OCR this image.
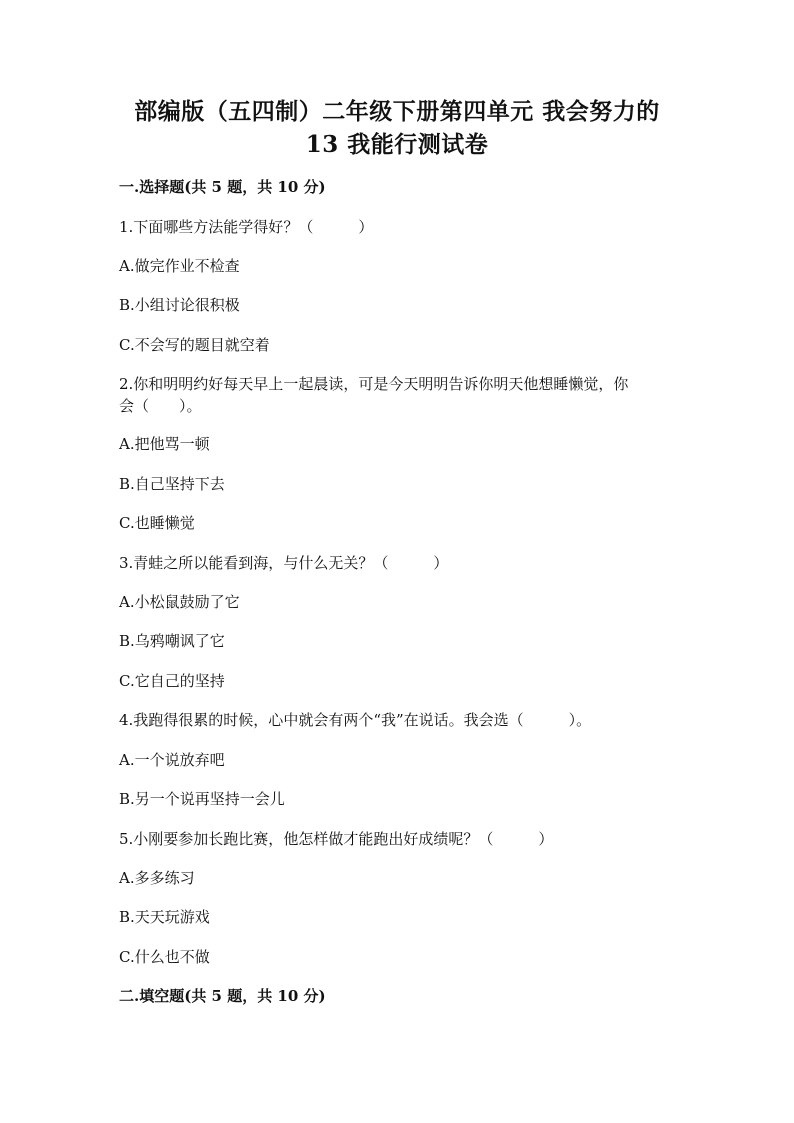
部编版（五四制）二年级下册第四单元 我会努力的
13 我能行测试卷
一.选择题(共 5 题，共 10 分)
1.下面哪些方法能学得好？（　　　）
A.做完作业不检查
B.小组讨论很积极
C.不会写的题目就空着
2.你和明明约好每天早上一起晨读，可是今天明明告诉你明天他想睡懒觉，你
会（　　）。
A.把他骂一顿
B.自己坚持下去
C.也睡懒觉
3.青蛙之所以能看到海，与什么无关？（　　　）
A.小松鼠鼓励了它
B.乌鸦嘲讽了它
C.它自己的坚持
4.我跑得很累的时候，心中就会有两个“我”在说话。我会选（　　　）。
A.一个说放弃吧
B.另一个说再坚持一会儿
5.小刚要参加长跑比赛，他怎样做才能跑出好成绩呢？（　　　）
A.多多练习
B.天天玩游戏
C.什么也不做
二.填空题(共 5 题，共 10 分)
